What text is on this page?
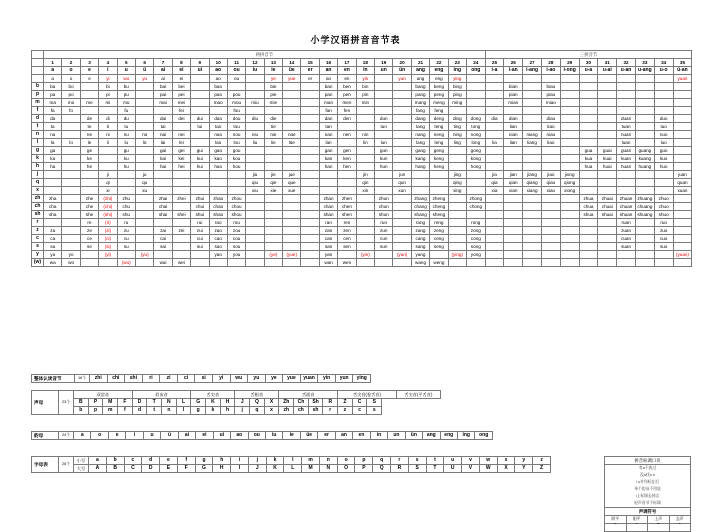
小学汉语拼音音节表
	两拼音节																								三拼音节										
	1	2	3	4	5	6	7	8	9	10	11	12	13	14	15	16	17	18	19	20	21	22	23	24	25	26	27	28	29	30	31	32	33	34	35
	a	o	e	i	u	ü	ai	ei	ui	ao	ou	iu	ie	üe	er	an	en	in	un	ün	ang	eng	ing	ong	i-a	i-an	i-ang	i-ao	i-ong	u-a	u-ai	u-an	u-ang	u-o	ü-an
	a	o	e	yi	wu	yu	ai	ei		ao	ou		ye	yue	er	an	en	yin		yun	ang	eng	ying												yuan
b	ba	bo		bi	bu		bai	bei		bao			bie			ban	ben	bin			bang	beng	bing			bian		biao							
p	pa	po		pi	pu		pai	pei		pao	pou		pie			pan	pen	pin			pang	peng	ping			pian		piao							
m	ma	mo	me	mi	mu		mai	mei		mao	mou	miu	mie			man	men	min			mang	meng	ming			mian		miao							
f	fa	fo			fu			fei			fou					fan	fen				fang	feng													
d	da		de	di	du		dai	dei	dui	dao	dou	diu	die			dan	den		dun		dang	deng	ding	dong	dia	dian		diao				duan		duo	
t	ta		te	ti	tu		tai		tui	tao	tou		tie			tan			tun		tang	teng	ting	tong		tian		tiao				tuan		tuo	
n	na		ne	ni	nu	nü	nai	nei		nao	nou	niu	nie	nüe		nan	nen	nin			nang	neng	ning	nong		nian	niang	niao				nuan		nuo	
l	la	lo	le	li	lu	lü	lai	lei		lao	lou	liu	lie	lüe		lan		lin	lun		lang	leng	ling	long	lia	lian	liang	liao				luan		luo	
g	ga		ge		gu		gai	gei	gui	gao	gou					gan	gen		gun		gang	geng		gong						gua	guai	guan	guang	guo	
k	ka		ke		ku		kai	kei	kui	kao	kou					kan	ken		kun		kang	keng		kong						kua	kuai	kuan	kuang	kuo	
h	ha		he		hu		hai	hei	hui	hao	hou					han	hen		hun		hang	heng		hong						hua	huai	huan	huang	huo	
j				ji		ju						jiu	jie	jue				jin		jun			jing		jia	jian	jiang	jiao	jiong						juan
q				qi		qu						qiu	qie	que				qin		qun			qing		qia	qian	qiang	qiao	qiong						quan
x				xi		xu						xiu	xie	xue				xin		xun			xing		xia	xian	xiang	xiao	xiong						xuan
zh	zha		zhe	(zhi)	zhu		zhai	zhei	zhui	zhao	zhou					zhan	zhen		zhun		zhang	zheng		zhong						zhua	zhuai	zhuan	zhuang	zhuo	
ch	cha		che	(chi)	chu		chai		chui	chao	chou					chan	chen		chun		chang	cheng		chong						chua	chuai	chuan	chuang	chuo	
sh	sha		she	(shi)	shu		shai	shei	shui	shao	shou					shan	shen		shun		shang	sheng								shua	shuai	shuan	shuang	shuo	
r			re	(ri)	ru				rui	rao	rou					ran	ren		run		rang	reng		rong								ruan		ruo	
z	za		ze	(zi)	zu		zai	zei	zui	zao	zou					zan	zen		zun		zang	zeng		zong								zuan		zuo	
c	ca		ce	(ci)	cu		cai		cui	cao	cou					can	cen		cun		cang	ceng		cong								cuan		cuo	
s	sa		se	(si)	su		sai		sui	sao	sou					san	sen		sun		sang	seng		song								suan		suo	
y	ya	yo		(yi)		(yu)				yao	you		(ye)	(yue)		yan		(yin)		(yun)	yang		(ying)	yong											(yuan)
(w)	wa	wo			(wu)		wai	wei								wan	wen				wang	weng													
整体认读音节	16个	zhi	chi	shi	ri	zi	ci	si	yi	wu	yu	ye	yue	yuan	yin	yun	ying
声母	23个	双唇音				唇齿音				舌尖音			舌根音			舌面音				舌尖音(卷舌音)			舌尖音(平舌音)
		B	P	M	F	D	T	N	L	G	K	H	J	Q	X	Zh	Ch	Sh	R	Z	C	S	
		b	p	m	f	d	t	n	l	g	k	h	j	q	x	zh	ch	sh	r	z	c	s	
韵母	24个	a	o	e	i	u	ü	ai	ei	ui	ao	ou	iu	ie	üe	er	an	en	in	un	ün	ang	eng	ing	ong
字母表	26个	小写	a	b	c	d	e	f	g	h	i	j	k	l	m	n	o	p	q	r	s	t	u	v	w	x	y	z
		大写	A	B	C	D	E	F	G	H	I	J	K	L	M	N	O	P	Q	R	S	T	U	V	W	X	Y	Z
拼音标调口诀
有a不放过
没a找o e
i u并列标在后
单个韵母不用说
i上标调去掉点
轻声音节不标调
声调符号
阴平	阳平	上声	去声
ˉ	ˊ	ˇ	ˋ
